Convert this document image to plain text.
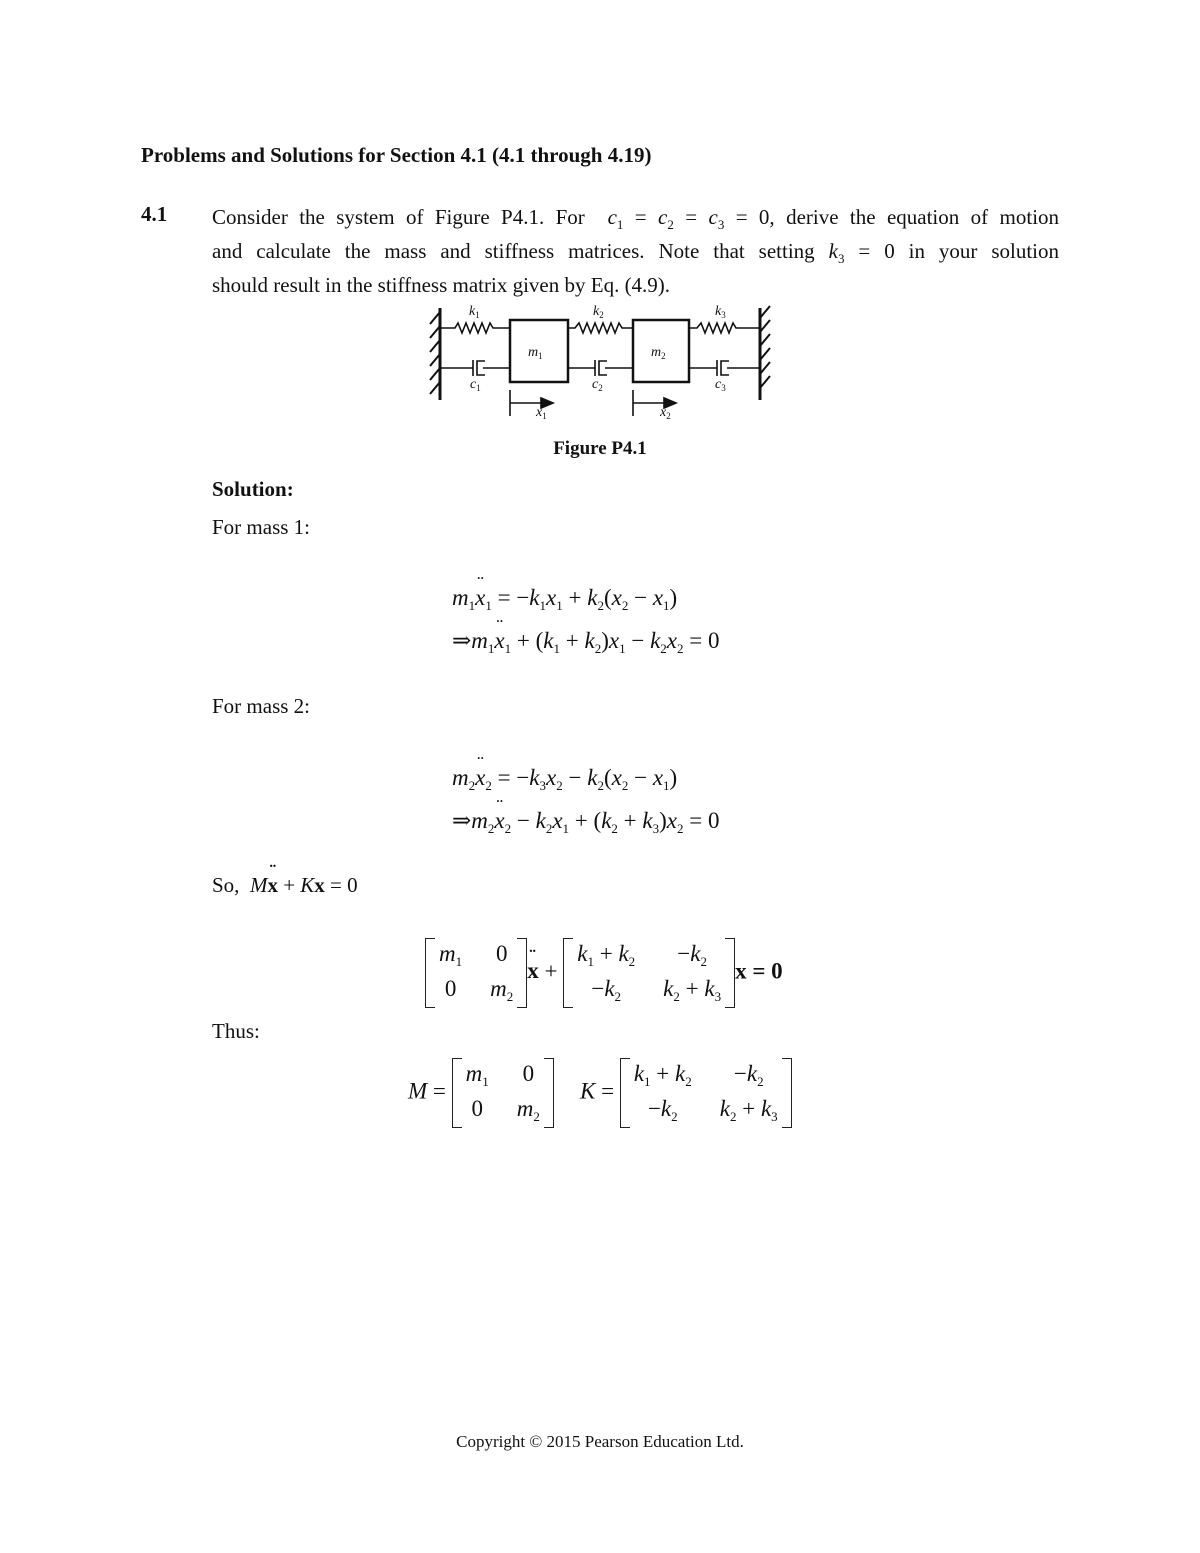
Problems and Solutions for Section 4.1 (4.1 through 4.19)
4.1 Consider the system of Figure P4.1. For $c_1 = c_2 = c_3 = 0$, derive the equation of motion
and calculate the mass and stiffness matrices. Note that setting $k_3 = 0$ in your solution
should result in the stiffness matrix given by Eq. (4.9).
$k_1$	$k_2$	$k_3$
$m_1$	$m_2$
$c_1$	$c_2$	$c_3$
$x_1$	$x_2$
Figure P4.1
Solution:
For mass 1:
$m_1¨$ $x_1 = -k_1x_1 + k_2(x_2 - x_1)$
$\Rightarrow m_1¨$ $x_1 + (k_1 + k_2)x_1 - k_2x_2 = 0$
For mass 2:
$m_2¨$ $x_2 = -k_3x_2 - k_2(x_2 - x_1)$
$\Rightarrow m_2¨$ $x_2 - k_2x_1 + (k_2 + k_3)x_2 = 0$
So, M¨ x + Kx = 0
$m_1$ 0
0 $m_2$
¨ x +
$k_1 + k_2$	$-k_2$
$-k_2$	$k_2 + k_3$
x = 0
Thus:
M =
$m_1$ 0
0 $m_2$
K =
$k_1 + k_2$	$-k_2$
$-k_2$	$k_2 + k_3$
Copyright © 2015 Pearson Education Ltd.
